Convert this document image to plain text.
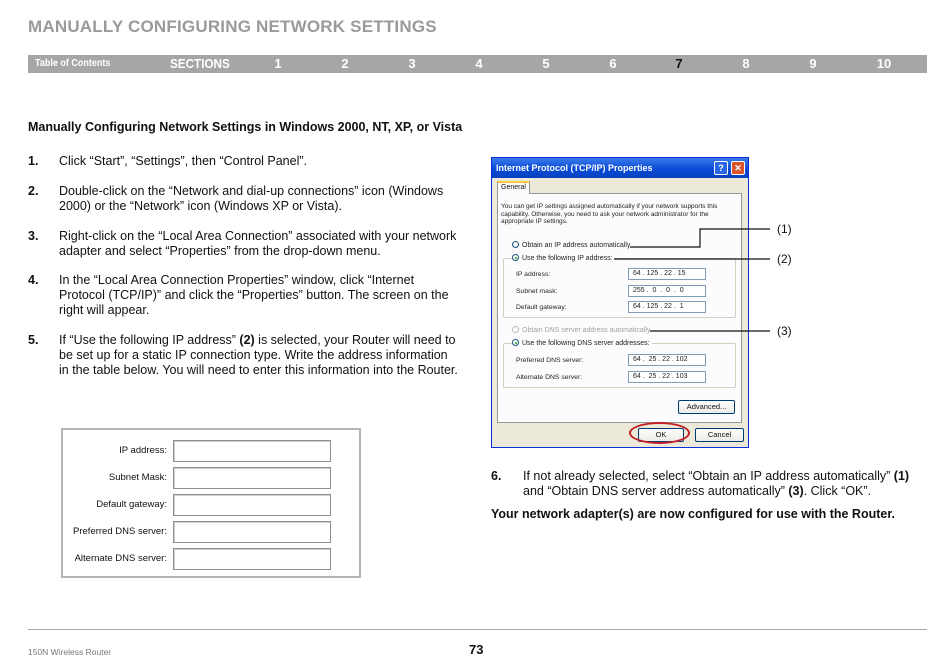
MANUALLY CONFIGURING NETWORK SETTINGS
Table of Contents	SECTIONS	1	2	3	4	5	6	7	8	9	10
Manually Configuring Network Settings in Windows 2000, NT, XP, or Vista
1. Click “Start”, “Settings”, then “Control Panel”.
2. Double-click on the “Network and dial-up connections” icon (Windows 2000) or the “Network” icon (Windows XP or Vista).
3. Right-click on the “Local Area Connection” associated with your network adapter and select “Properties” from the drop-down menu.
4. In the “Local Area Connection Properties” window, click “Internet Protocol (TCP/IP)” and click the “Properties” button. The screen on the right will appear.
5. If “Use the following IP address” (2) is selected, your Router will need to be set up for a static IP connection type. Write the address information in the table below. You will need to enter this information into the Router.
IP address:
Subnet Mask:
Default gateway:
Preferred DNS server:
Alternate DNS server:
Internet Protocol (TCP/IP) Properties	?	✕
General
You can get IP settings assigned automatically if your network supports this capability. Otherwise, you need to ask your network administrator for the appropriate IP settings.
Obtain an IP address automatically
Use the following IP address:
IP address:	64 . 125 . 22 . 15
Subnet mask:	255 .  0  .  0  .  0
Default gateway:	64 . 125 . 22 .  1
Obtain DNS server address automatically
Use the following DNS server addresses:
Preferred DNS server:	64 .  25 . 22 . 102
Alternate DNS server:	64 .  25 . 22 . 103
Advanced...
OK	Cancel
(1)
(2)
(3)
6. If not already selected, select “Obtain an IP address automatically” (1) and “Obtain DNS server address automatically” (3). Click “OK”.
Your network adapter(s) are now configured for use with the Router.
150N Wireless Router	73
